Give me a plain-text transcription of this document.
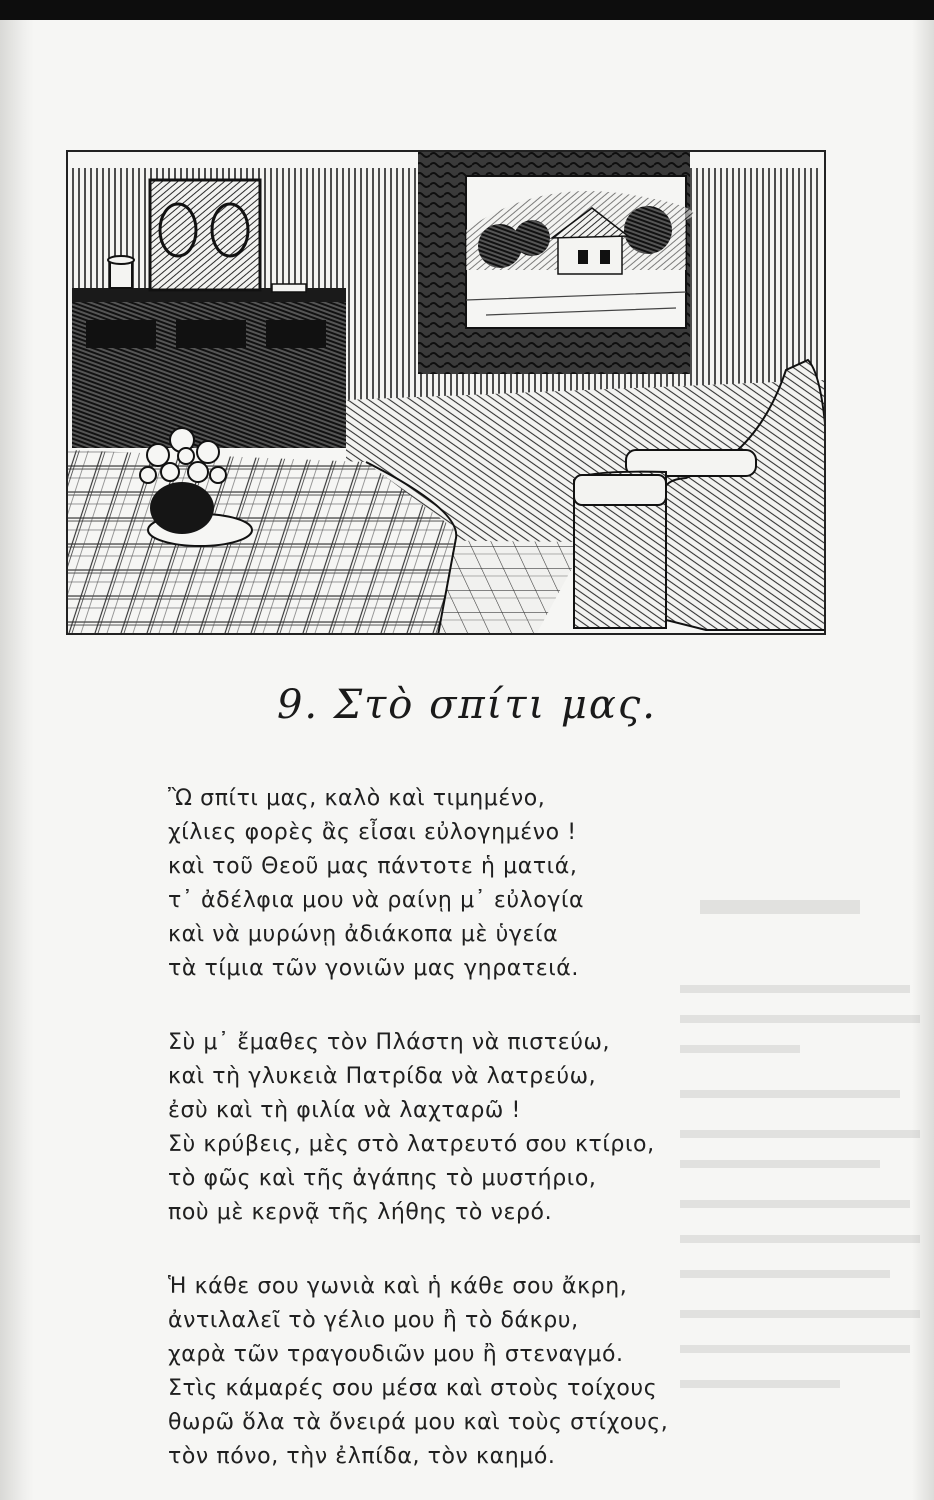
9. Στὸ σπίτι μας.
Ὢ σπίτι μας, καλὸ καὶ τιμημένο,
χίλιες φορὲς ἂς εἶσαι εὐλογημένο !
καὶ τοῦ Θεοῦ μας πάντοτε ἡ ματιά,
τ᾿ ἀδέλφια μου νὰ ραίνῃ μ᾿ εὐλογία
καὶ νὰ μυρώνῃ ἀδιάκοπα μὲ ὑγεία
τὰ τίμια τῶν γονιῶν μας γηρατειά.
Σὺ μ᾿ ἔμαθες τὸν Πλάστη νὰ πιστεύω,
καὶ τὴ γλυκειὰ Πατρίδα νὰ λατρεύω,
ἐσὺ καὶ τὴ φιλία νὰ λαχταρῶ !
Σὺ κρύβεις, μὲς στὸ λατρευτό σου κτίριο,
τὸ φῶς καὶ τῆς ἀγάπης τὸ μυστήριο,
ποὺ μὲ κερνᾷ τῆς λήθης τὸ νερό.
Ἡ κάθε σου γωνιὰ καὶ ἡ κάθε σου ἄκρη,
ἀντιλαλεῖ τὸ γέλιο μου ἢ τὸ δάκρυ,
χαρὰ τῶν τραγουδιῶν μου ἢ στεναγμό.
Στὶς κάμαρές σου μέσα καὶ στοὺς τοίχους
θωρῶ ὅλα τὰ ὄνειρά μου καὶ τοὺς στίχους,
τὸν πόνο, τὴν ἐλπίδα, τὸν καημό.
